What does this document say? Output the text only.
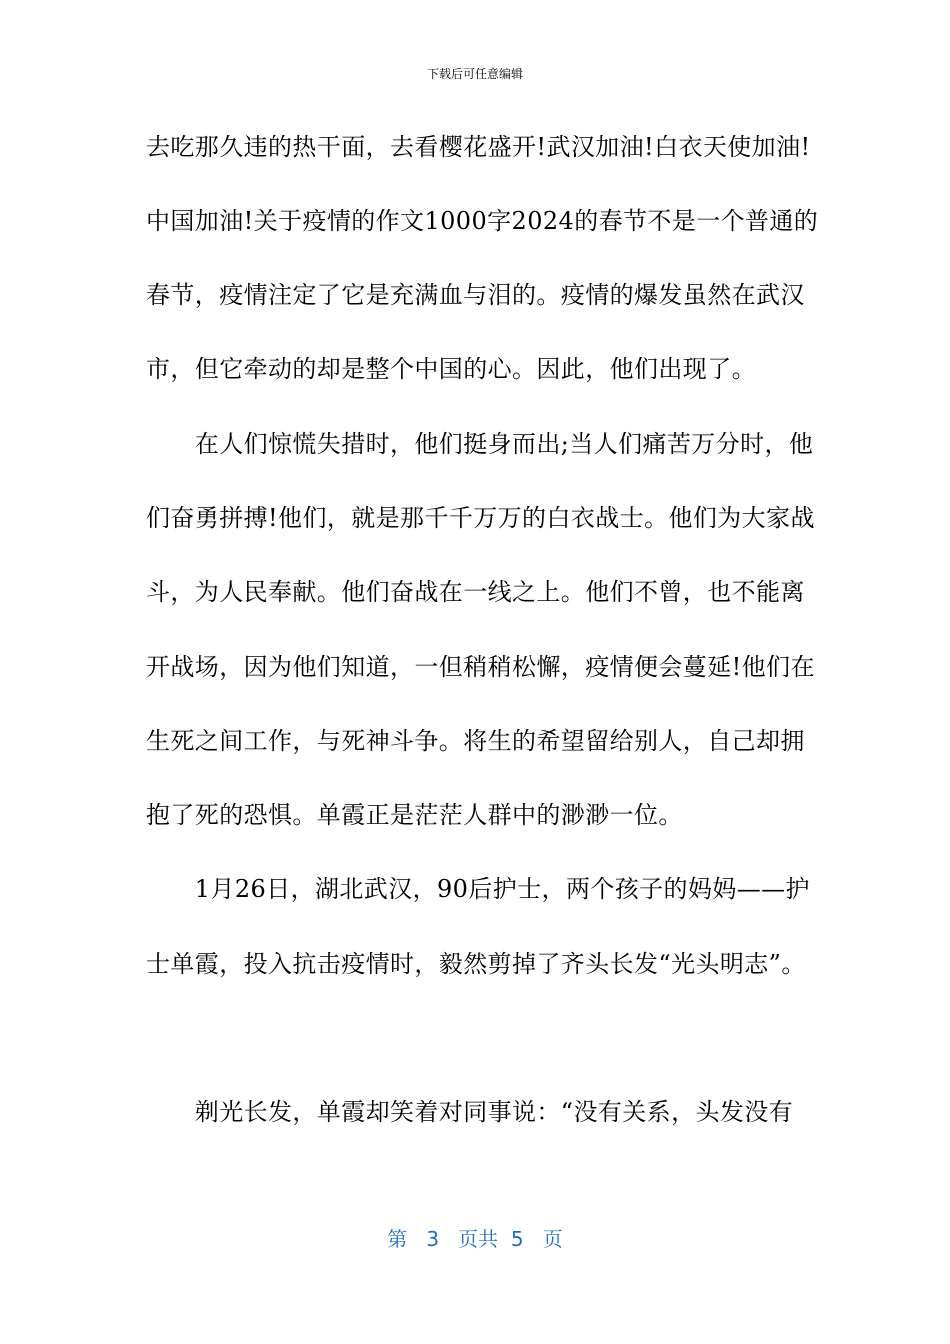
下载后可任意编辑
去吃那久违的热干面，去看樱花盛开!武汉加油!白衣天使加油!
中国加油!关于疫情的作文1000字2024的春节不是一个普通的
春节，疫情注定了它是充满血与泪的。疫情的爆发虽然在武汉
市，但它牵动的却是整个中国的心。因此，他们出现了。
　　在人们惊慌失措时，他们挺身而出;当人们痛苦万分时，他
们奋勇拼搏!他们，就是那千千万万的白衣战士。他们为大家战
斗，为人民奉献。他们奋战在一线之上。他们不曾，也不能离
开战场，因为他们知道，一但稍稍松懈，疫情便会蔓延!他们在
生死之间工作，与死神斗争。将生的希望留给别人，自己却拥
抱了死的恐惧。单霞正是茫茫人群中的渺渺一位。
　　1月26日，湖北武汉，90后护士，两个孩子的妈妈——护
士单霞，投入抗击疫情时，毅然剪掉了齐头长发“光头明志”。
　　剃光长发，单霞却笑着对同事说：“没有关系，头发没有
第 3 页共 5 页
